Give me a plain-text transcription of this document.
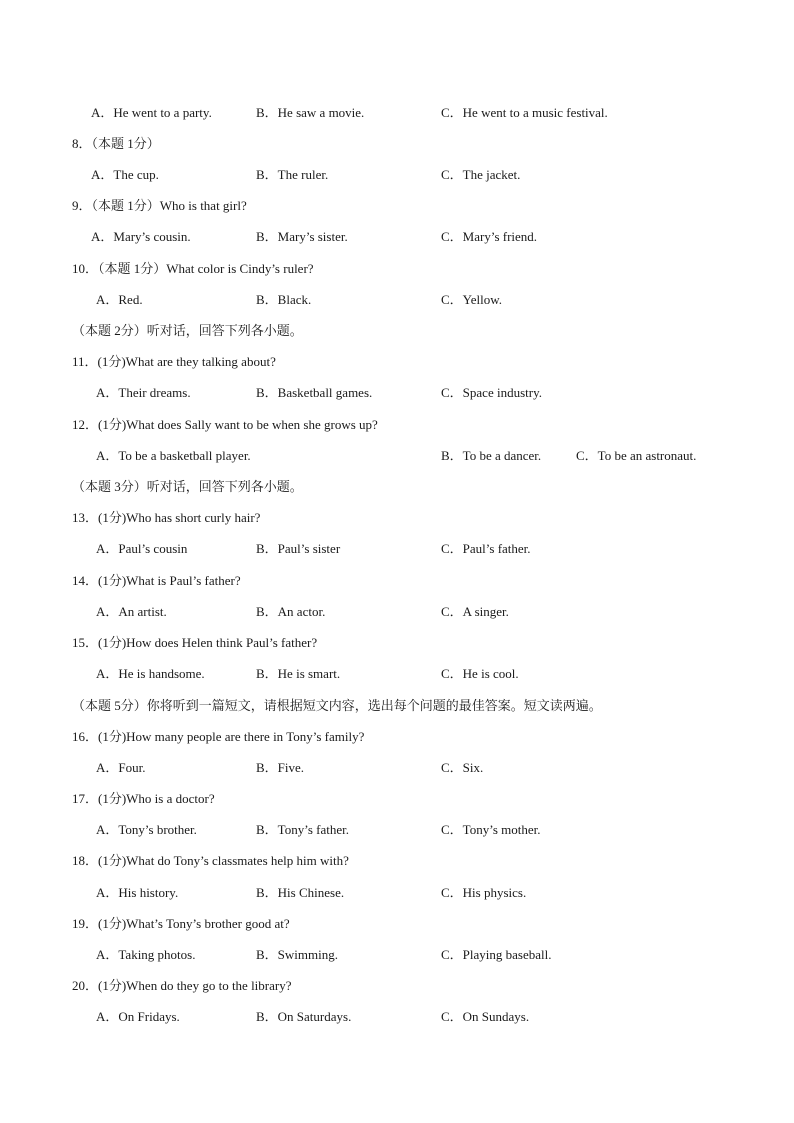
A．He went to a party.	B．He saw a movie.	C．He went to a music festival.
8．（本题 1分）
A．The cup.	B．The ruler.	C．The jacket.
9．（本题 1分）Who is that girl?
A．Mary’s cousin.	B．Mary’s sister.	C．Mary’s friend.
10．（本题 1分）What color is Cindy’s ruler?
A．Red.	B．Black.	C．Yellow.
（本题 2分）听对话，回答下列各小题。
11．(1分)What are they talking about?
A．Their dreams.	B．Basketball games.	C．Space industry.
12．(1分)What does Sally want to be when she grows up?
A．To be a basketball player.	B．To be a dancer.	C．To be an astronaut.
（本题 3分）听对话，回答下列各小题。
13．(1分)Who has short curly hair?
A．Paul’s cousin	B．Paul’s sister	C．Paul’s father.
14．(1分)What is Paul’s father?
A．An artist.	B．An actor.	C．A singer.
15．(1分)How does Helen think Paul’s father?
A．He is handsome.	B．He is smart.	C．He is cool.
（本题 5分）你将听到一篇短文，请根据短文内容，选出每个问题的最佳答案。短文读两遍。
16．(1分)How many people are there in Tony’s family?
A．Four.	B．Five.	C．Six.
17．(1分)Who is a doctor?
A．Tony’s brother.	B．Tony’s father.	C．Tony’s mother.
18．(1分)What do Tony’s classmates help him with?
A．His history.	B．His Chinese.	C．His physics.
19．(1分)What’s Tony’s brother good at?
A．Taking photos.	B．Swimming.	C．Playing baseball.
20．(1分)When do they go to the library?
A．On Fridays.	B．On Saturdays.	C．On Sundays.
